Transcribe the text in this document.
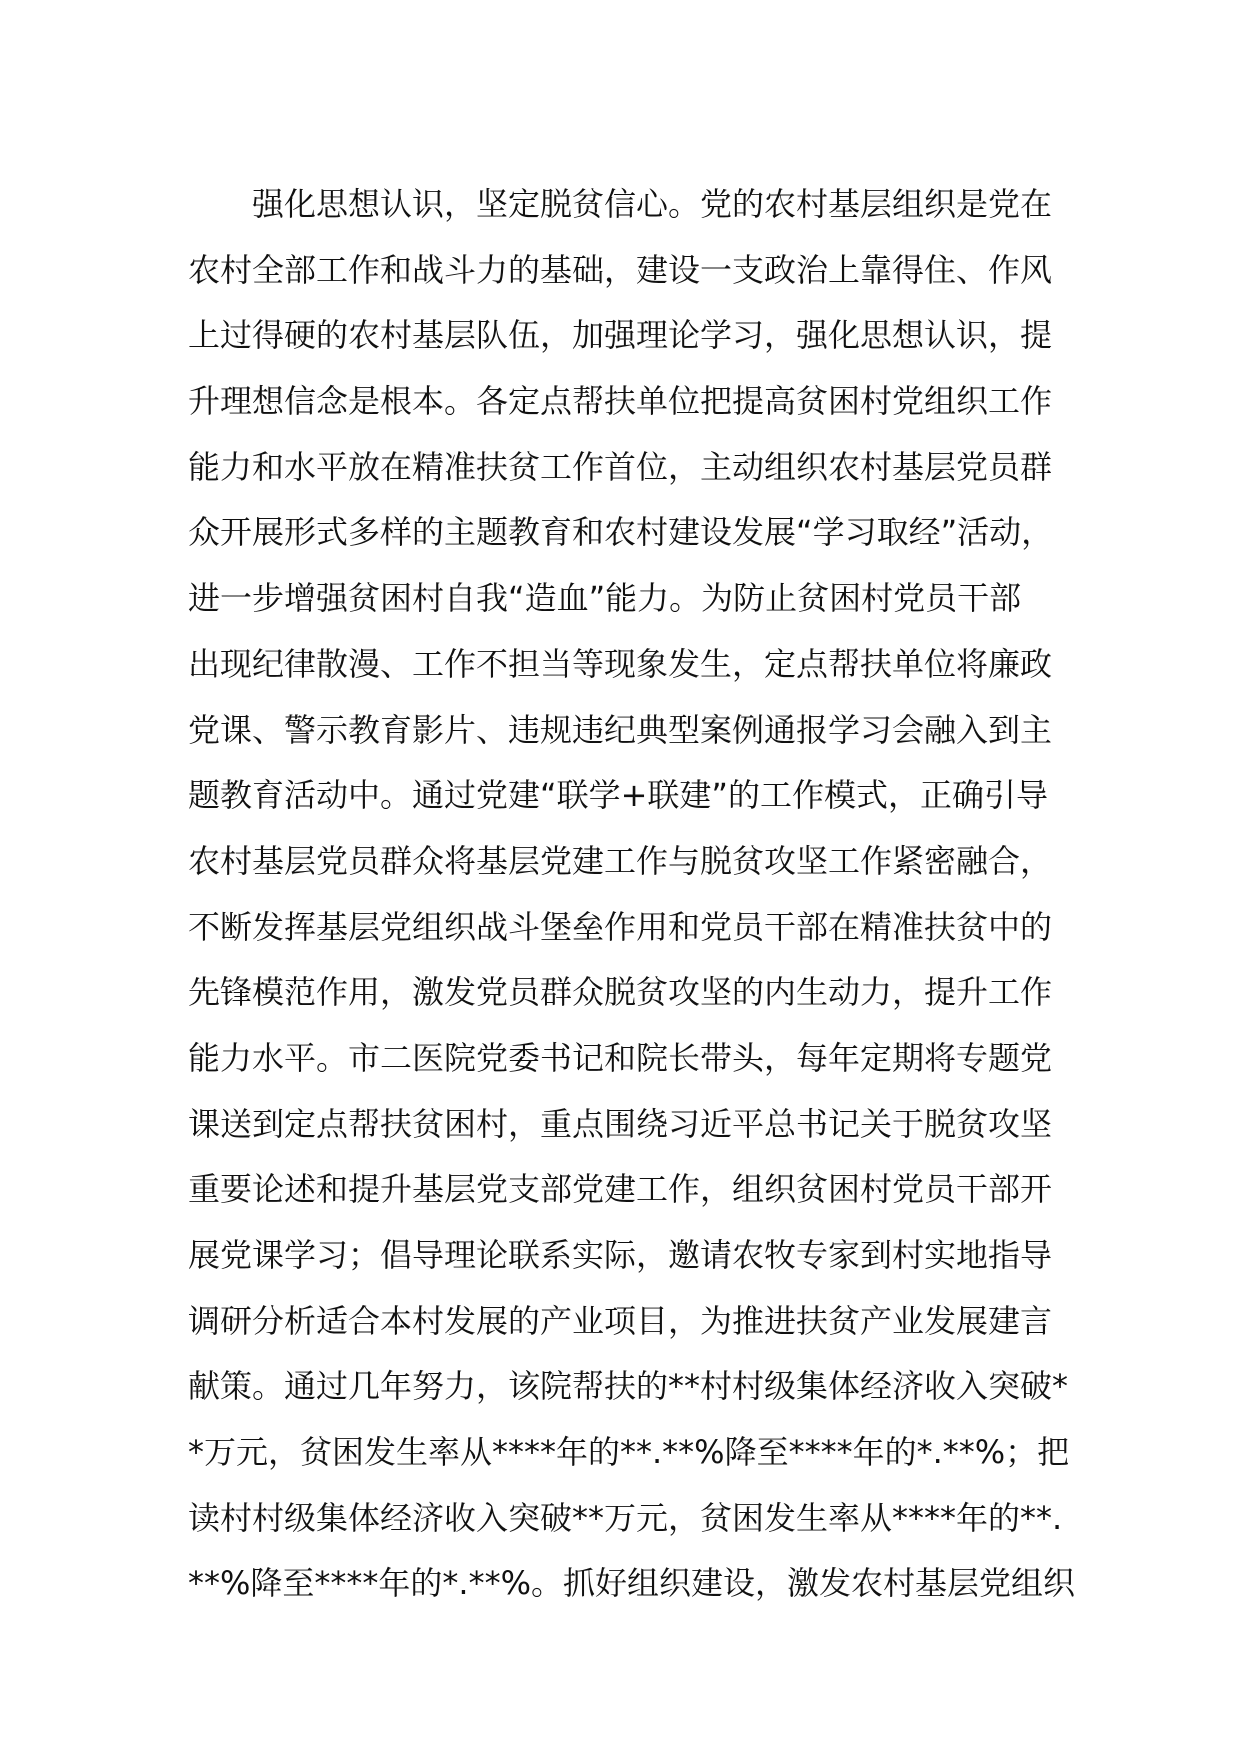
强化思想认识，坚定脱贫信心。党的农村基层组织是党在
农村全部工作和战斗力的基础，建设一支政治上靠得住、作风
上过得硬的农村基层队伍，加强理论学习，强化思想认识，提
升理想信念是根本。各定点帮扶单位把提高贫困村党组织工作
能力和水平放在精准扶贫工作首位，主动组织农村基层党员群
众开展形式多样的主题教育和农村建设发展“学习取经”活动，
进一步增强贫困村自我“造血”能力。为防止贫困村党员干部
出现纪律散漫、工作不担当等现象发生，定点帮扶单位将廉政
党课、警示教育影片、违规违纪典型案例通报学习会融入到主
题教育活动中。通过党建“联学+联建”的工作模式，正确引导
农村基层党员群众将基层党建工作与脱贫攻坚工作紧密融合，
不断发挥基层党组织战斗堡垒作用和党员干部在精准扶贫中的
先锋模范作用，激发党员群众脱贫攻坚的内生动力，提升工作
能力水平。市二医院党委书记和院长带头，每年定期将专题党
课送到定点帮扶贫困村，重点围绕习近平总书记关于脱贫攻坚
重要论述和提升基层党支部党建工作，组织贫困村党员干部开
展党课学习；倡导理论联系实际，邀请农牧专家到村实地指导
调研分析适合本村发展的产业项目，为推进扶贫产业发展建言
献策。通过几年努力，该院帮扶的**村村级集体经济收入突破*
*万元，贫困发生率从****年的**.**%降至****年的*.**%；把
读村村级集体经济收入突破**万元，贫困发生率从****年的**.
**%降至****年的*.**%。抓好组织建设，激发农村基层党组织
